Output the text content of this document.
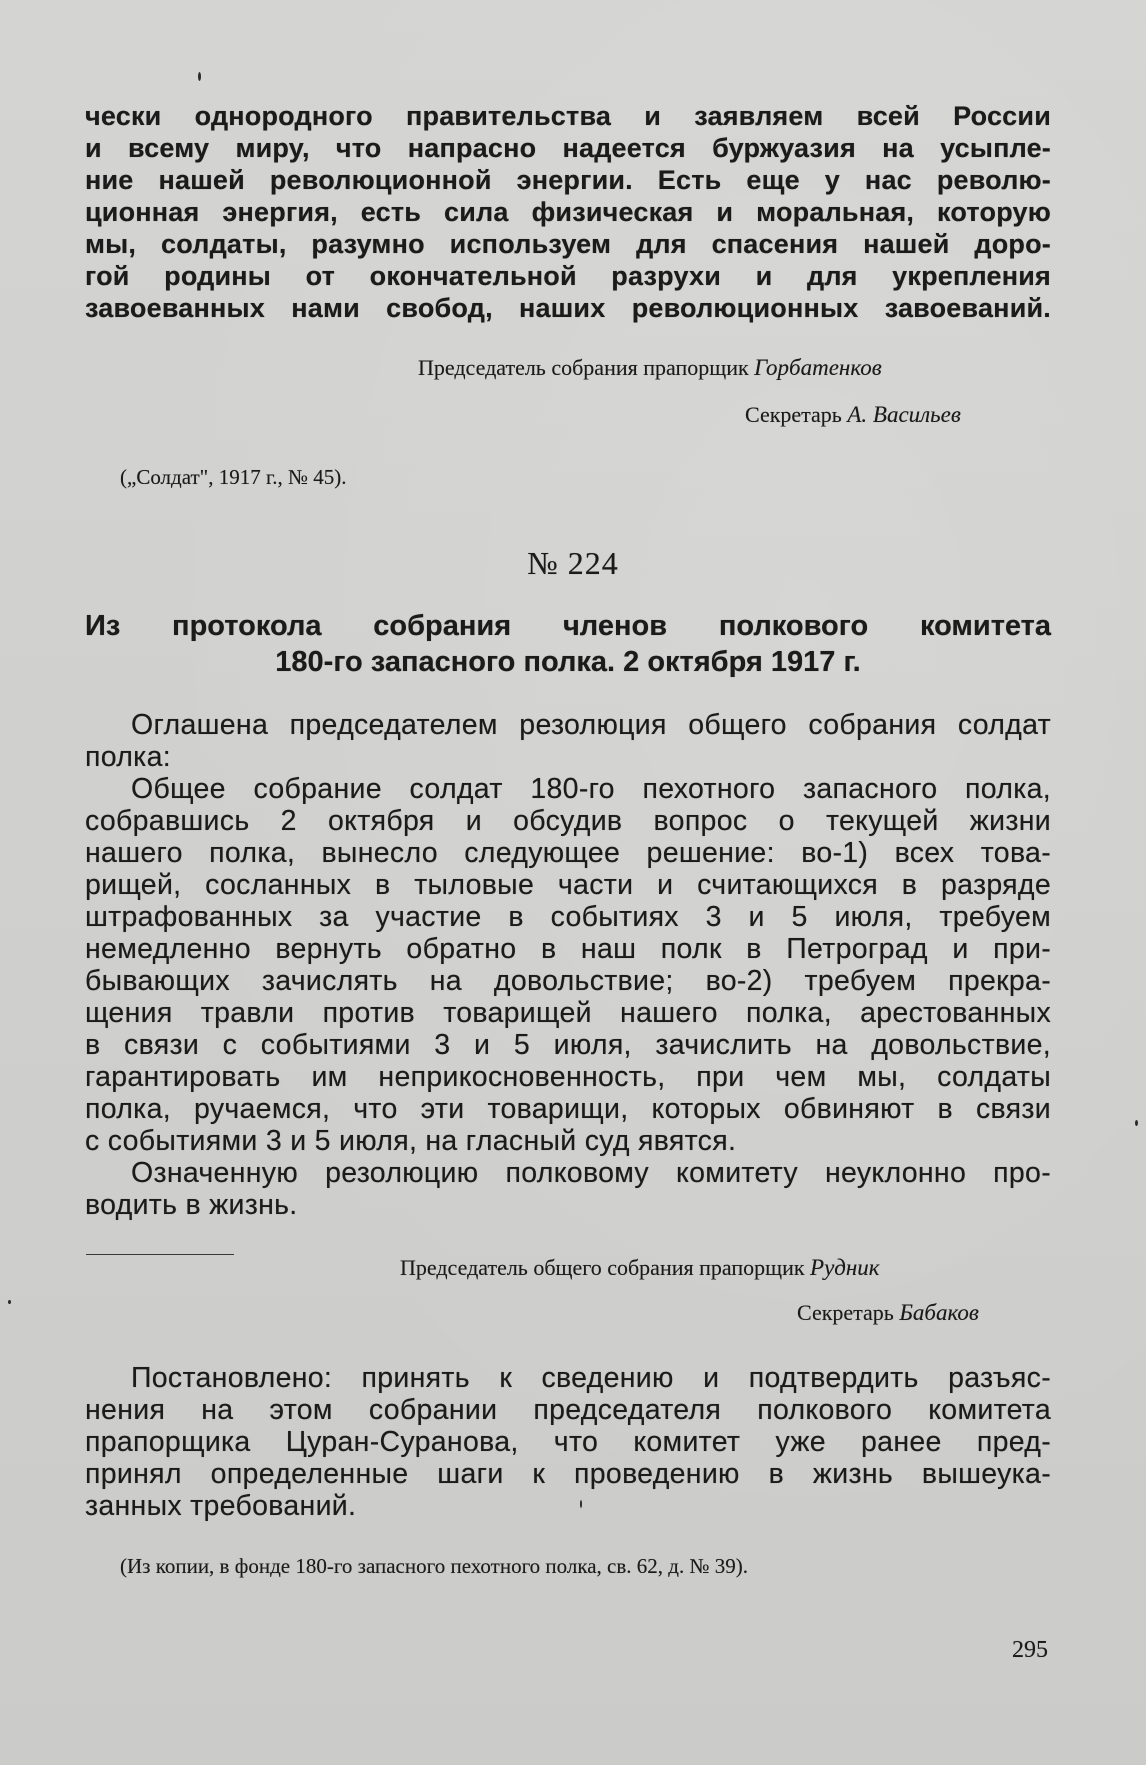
чески однородного правительства и заявляем всей России
и всему миру, что напрасно надеется буржуазия на усыпле-
ние нашей революционной энергии. Есть еще у нас револю-
ционная энергия, есть сила физическая и моральная, которую
мы, солдаты, разумно используем для спасения нашей доро-
гой родины от окончательной разрухи и для укрепления
завоеванных нами свобод, наших революционных завоеваний.
Председатель собрания прапорщик Горбатенков
Секретарь А. Васильев
(„Солдат", 1917 г., № 45).
№ 224
Из протокола собрания членов полкового комитета
180-го запасного полка. 2 октября 1917 г.
Оглашена председателем резолюция общего собрания солдат
полка:
Общее собрание солдат 180-го пехотного запасного полка,
собравшись 2 октября и обсудив вопрос о текущей жизни
нашего полка, вынесло следующее решение: во-1) всех това-
рищей, сосланных в тыловые части и считающихся в разряде
штрафованных за участие в событиях 3 и 5 июля, требуем
немедленно вернуть обратно в наш полк в Петроград и при-
бывающих зачислять на довольствие; во-2) требуем прекра-
щения травли против товарищей нашего полка, арестованных
в связи с событиями 3 и 5 июля, зачислить на довольствие,
гарантировать им неприкосновенность, при чем мы, солдаты
полка, ручаемся, что эти товарищи, которых обвиняют в связи
с событиями 3 и 5 июля, на гласный суд явятся.
Означенную резолюцию полковому комитету неуклонно про-
водить в жизнь.
Председатель общего собрания прапорщик Рудник
Секретарь Бабаков
Постановлено: принять к сведению и подтвердить разъяс-
нения на этом собрании председателя полкового комитета
прапорщика Цуран-Суранова, что комитет уже ранее пред-
принял определенные шаги к проведению в жизнь вышеука-
занных требований.
(Из копии, в фонде 180-го запасного пехотного полка, св. 62, д. № 39).
295
